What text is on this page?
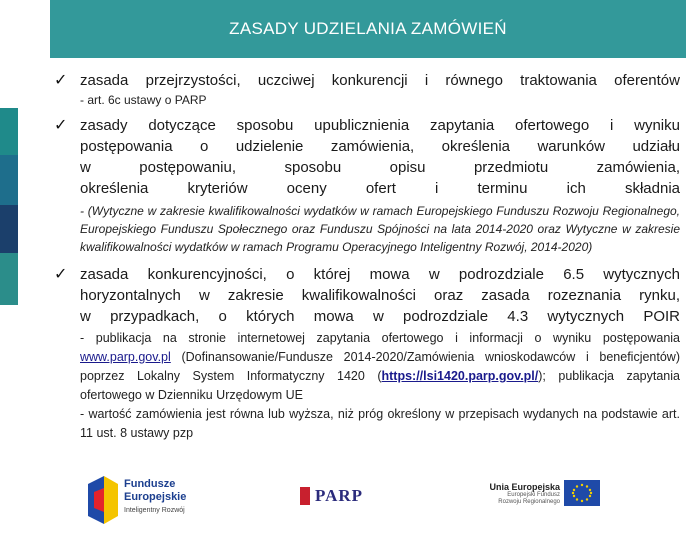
ZASADY UDZIELANIA ZAMÓWIEŃ
✓ zasada przejrzystości, uczciwej konkurencji i równego traktowania oferentów
- art. 6c ustawy o PARP
✓ zasady dotyczące sposobu upublicznienia zapytania ofertowego i wyniku
postępowania o udzielenie zamówienia, określenia warunków udziału
w postępowaniu, sposobu opisu przedmiotu zamówienia,
określenia kryteriów oceny ofert i terminu ich składnia
- (Wytyczne w zakresie kwalifikowalności wydatków w ramach Europejskiego Funduszu Rozwoju Regionalnego, Europejskiego Funduszu Społecznego oraz Funduszu Spójności na lata 2014-2020 oraz Wytyczne w zakresie kwalifikowalności wydatków w ramach Programu Operacyjnego Inteligentny Rozwój, 2014-2020)
✓ zasada konkurencyjności, o której mowa w podrozdziale 6.5 wytycznych
horyzontalnych w zakresie kwalifikowalności oraz zasada rozeznania rynku,
w przypadkach, o których mowa w podrozdziale 4.3 wytycznych POIR
- publikacja na stronie internetowej zapytania ofertowego i informacji o wyniku postępowania www.parp.gov.pl (Dofinansowanie/Fundusze 2014-2020/Zamówienia wnioskodawców i beneficjentów) poprzez Lokalny System Informatyczny 1420 (https://lsi1420.parp.gov.pl/); publikacja zapytania ofertowego w Dzienniku Urzędowym UE
- wartość zamówienia jest równa lub wyższa, niż próg określony w przepisach wydanych na podstawie art. 11 ust. 8 ustawy pzp
Fundusze
Europejskie
Inteligentny Rozwój
PARP	Unia Europejska
Europejski Fundusz
Rozwoju Regionalnego
